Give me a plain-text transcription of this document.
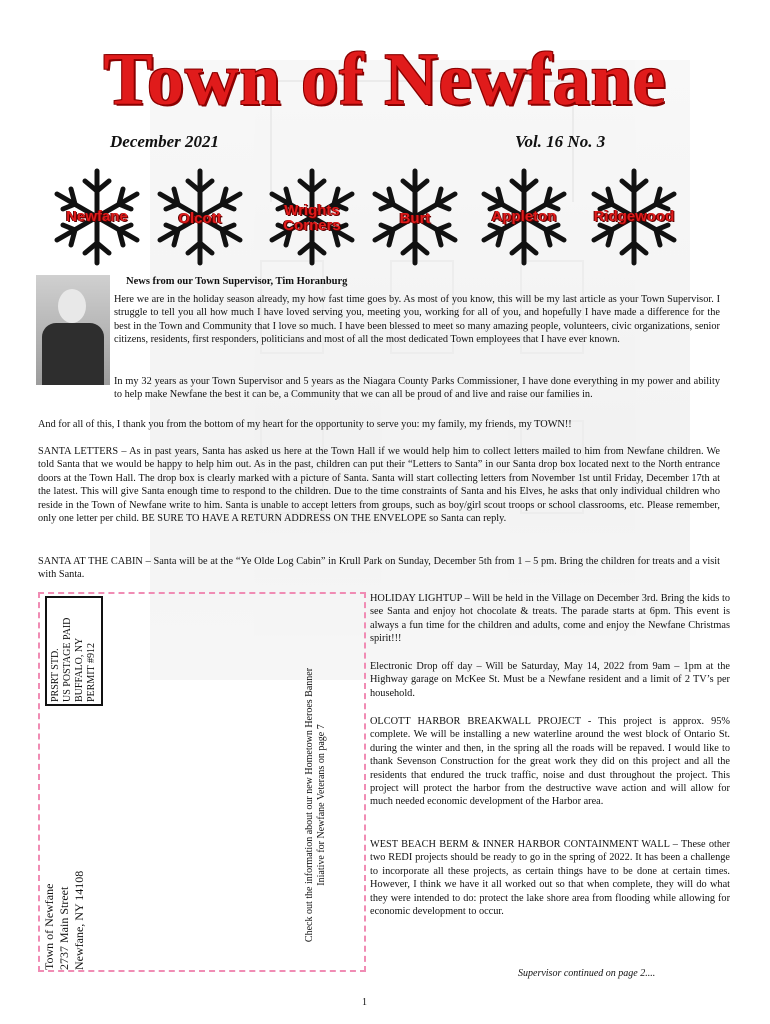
Town of Newfane
December 2021	Vol. 16 No. 3
Newfane	Olcott	Wrights
Corners	Burt	Appleton	Ridgewood
News from our Town Supervisor, Tim Horanburg
Here we are in the holiday season already, my how fast time goes by. As most of you know, this will be my last article as your Town Supervisor. I struggle to tell you all how much I have loved serving you, meeting you, working for all of you, and hopefully I have made a difference for the best in the Town and Community that I love so much. I have been blessed to meet so many amazing people, volunteers, civic organizations, senior citizens, residents, first responders, politicians and most of all the most dedicated Town employees that I have ever known.
In my 32 years as your Town Supervisor and 5 years as the Niagara County Parks Commissioner, I have done everything in my power and ability to help make Newfane the best it can be, a Community that we can all be proud of and live and raise our families in.
And for all of this, I thank you from the bottom of my heart for the opportunity to serve you: my family, my friends, my TOWN!!
SANTA LETTERS – As in past years, Santa has asked us here at the Town Hall if we would help him to collect letters mailed to him from Newfane children. We told Santa that we would be happy to help him out. As in the past, children can put their “Letters to Santa” in our Santa drop box located next to the North entrance doors at the Town Hall. The drop box is clearly marked with a picture of Santa. Santa will start collecting letters from November 1st until Friday, December 17th at the latest. This will give Santa enough time to respond to the children. Due to the time constraints of Santa and his Elves, he asks that only individual children who reside in the Town of Newfane write to him. Santa is unable to accept letters from groups, such as boy/girl scout troops or school classrooms, etc. Please remember, only one letter per child. BE SURE TO HAVE A RETURN ADDRESS ON THE ENVELOPE so Santa can reply.
SANTA AT THE CABIN – Santa will be at the “Ye Olde Log Cabin” in Krull Park on Sunday, December 5th from 1 – 5 pm. Bring the children for treats and a visit with Santa.
PRSRT STD. US POSTAGE PAID BUFFALO, NY PERMIT #912
Town of Newfane 2737 Main Street Newfane, NY 14108	Check out the information about our new Hometown Heroes Banner Iniative for Newfane Veterans on page 7
HOLIDAY LIGHTUP – Will be held in the Village on December 3rd. Bring the kids to see Santa and enjoy hot chocolate & treats. The parade starts at 6pm. This event is always a fun time for the children and adults, come and enjoy the Newfane Christmas spirit!!!
Electronic Drop off day – Will be Saturday, May 14, 2022 from 9am – 1pm at the Highway garage on McKee St. Must be a Newfane resident and a limit of 2 TV’s per household.
OLCOTT HARBOR BREAKWALL PROJECT - This project is approx. 95% complete. We will be installing a new waterline around the west block of Ontario St. during the winter and then, in the spring all the roads will be repaved. I would like to thank Sevenson Construction for the great work they did on this project and all the residents that endured the truck traffic, noise and dust throughout the project. This project will protect the harbor from the destructive wave action and will allow for much needed economic development of the Harbor area.
WEST BEACH BERM & INNER HARBOR CONTAINMENT WALL – These other two REDI projects should be ready to go in the spring of 2022. It has been a challenge to incorporate all these projects, as certain things have to be done at certain times. However, I think we have it all worked out so that when complete, they will do what they were intended to do: protect the lake shore area from flooding while allowing for economic development to occur.
Supervisor continued on page 2....
1
